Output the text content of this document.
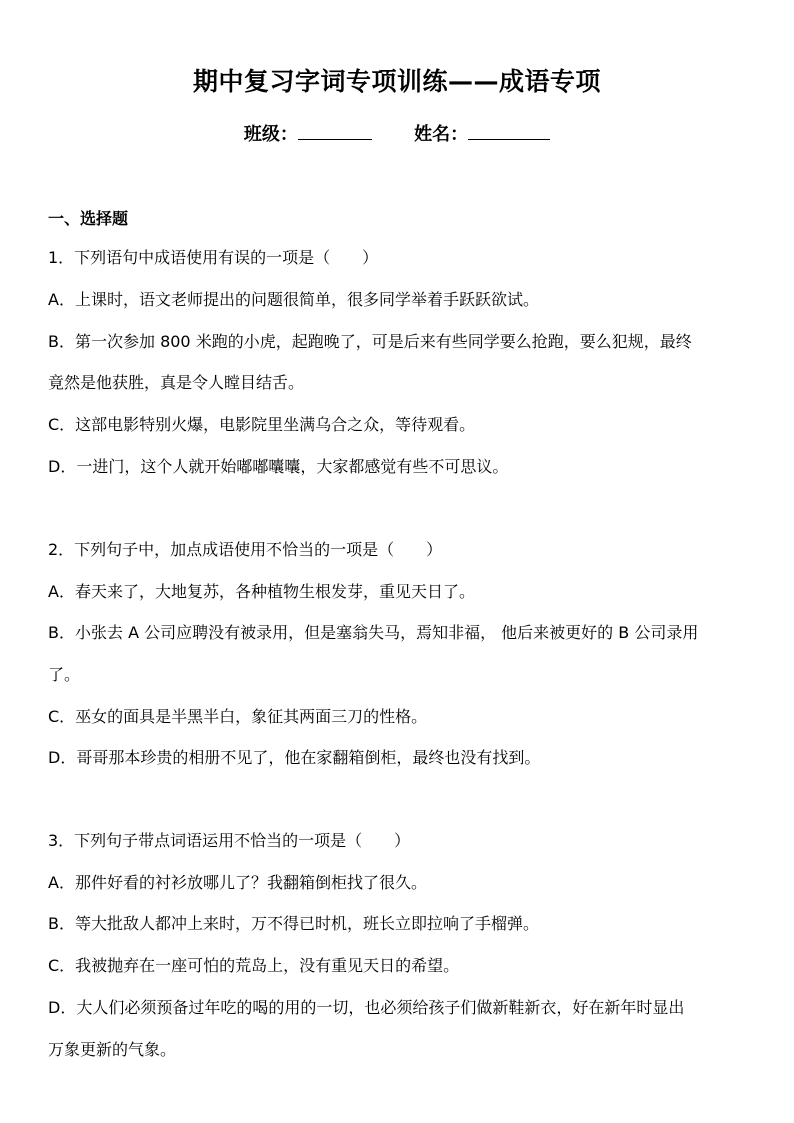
期中复习字词专项训练——成语专项
班级：	姓名：
一、选择题
1．下列语句中成语使用有误的一项是（　　）
A．上课时，语文老师提出的问题很简单，很多同学举着手跃跃欲试。
B．第一次参加 800 米跑的小虎，起跑晚了，可是后来有些同学要么抢跑，要么犯规，最终
竟然是他获胜，真是令人瞠目结舌。
C．这部电影特别火爆，电影院里坐满乌合之众，等待观看。
D．一进门，这个人就开始嘟嘟囔囔，大家都感觉有些不可思议。
2．下列句子中，加点成语使用不恰当的一项是（　　）
A．春天来了，大地复苏，各种植物生根发芽，重见天日了。
B．小张去 A 公司应聘没有被录用，但是塞翁失马，焉知非福， 他后来被更好的 B 公司录用
了。
C．巫女的面具是半黑半白，象征其两面三刀的性格。
D．哥哥那本珍贵的相册不见了，他在家翻箱倒柜，最终也没有找到。
3．下列句子带点词语运用不恰当的一项是（　　）
A．那件好看的衬衫放哪儿了？我翻箱倒柜找了很久。
B．等大批敌人都冲上来时，万不得已时机，班长立即拉响了手榴弹。
C．我被抛弃在一座可怕的荒岛上，没有重见天日的希望。
D．大人们必须预备过年吃的喝的用的一切，也必须给孩子们做新鞋新衣，好在新年时显出
万象更新的气象。
